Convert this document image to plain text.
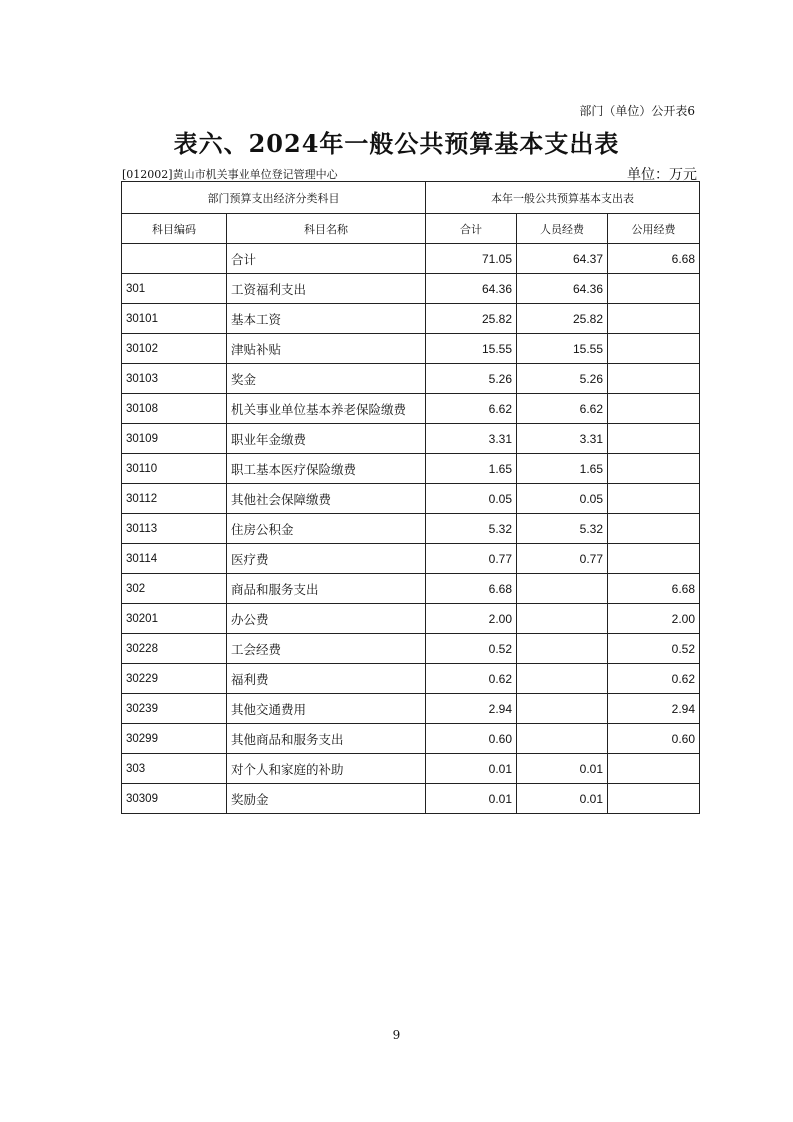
部门（单位）公开表6
表六、2024年一般公共预算基本支出表
[012002]黄山市机关事业单位登记管理中心	单位：万元
部门预算支出经济分类科目		本年一般公共预算基本支出表		
科目编码	科目名称	合计	人员经费	公用经费
	合计	71.05	64.37	6.68
301	工资福利支出	64.36	64.36	
30101	基本工资	25.82	25.82	
30102	津贴补贴	15.55	15.55	
30103	奖金	5.26	5.26	
30108	机关事业单位基本养老保险缴费	6.62	6.62	
30109	职业年金缴费	3.31	3.31	
30110	职工基本医疗保险缴费	1.65	1.65	
30112	其他社会保障缴费	0.05	0.05	
30113	住房公积金	5.32	5.32	
30114	医疗费	0.77	0.77	
302	商品和服务支出	6.68		6.68
30201	办公费	2.00		2.00
30228	工会经费	0.52		0.52
30229	福利费	0.62		0.62
30239	其他交通费用	2.94		2.94
30299	其他商品和服务支出	0.60		0.60
303	对个人和家庭的补助	0.01	0.01	
30309	奖励金	0.01	0.01	
9
